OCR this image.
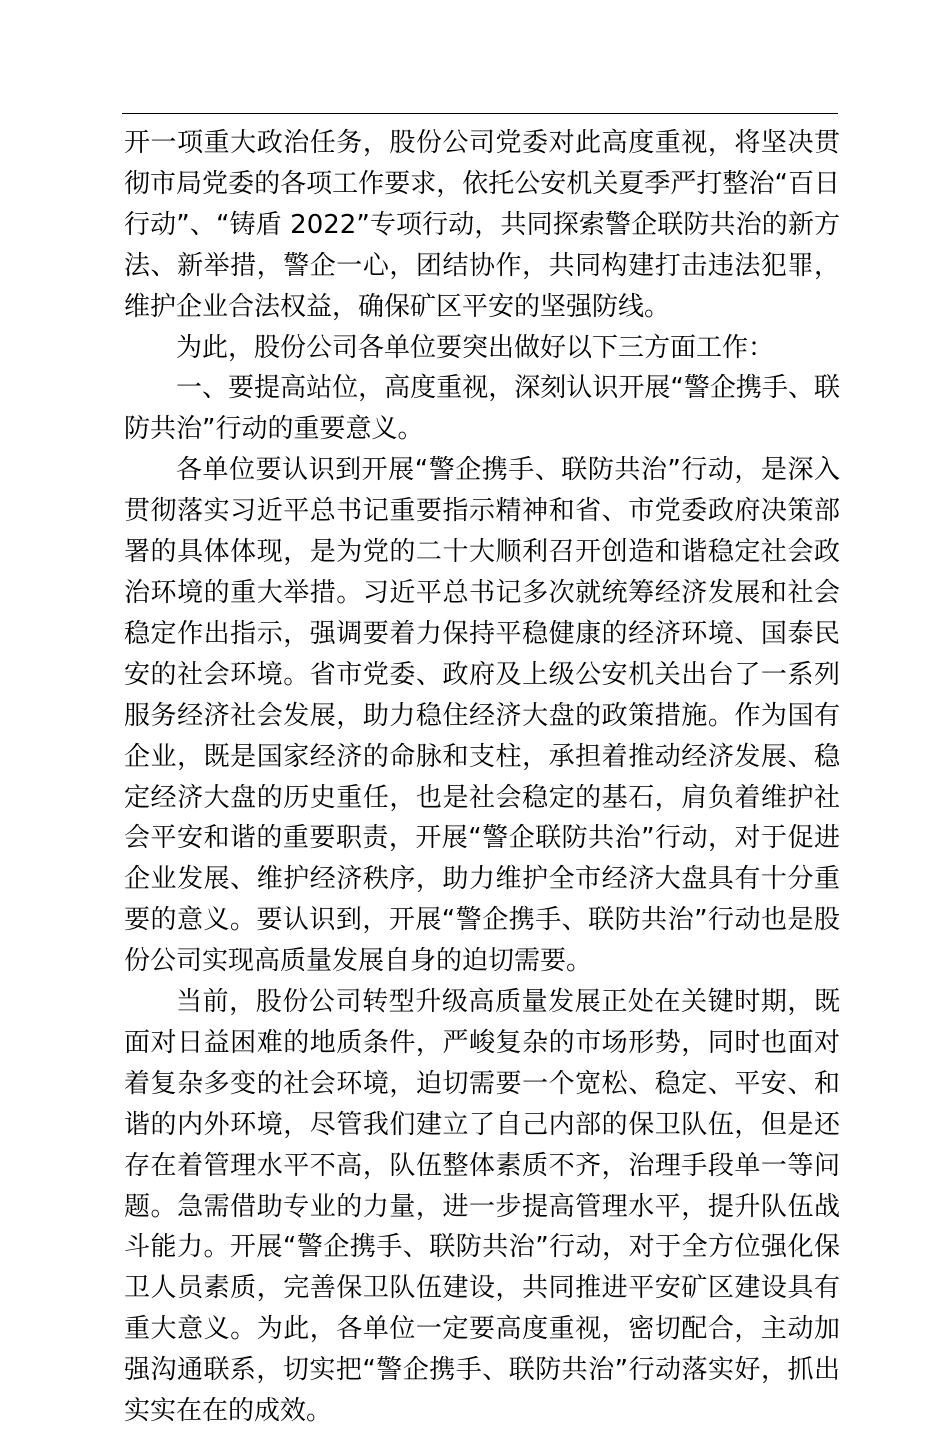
开一项重大政治任务，股份公司党委对此高度重视，将坚决贯彻市局党委的各项工作要求，依托公安机关夏季严打整治“百日行动”、“铸盾 2022”专项行动，共同探索警企联防共治的新方法、新举措，警企一心，团结协作，共同构建打击违法犯罪，维护企业合法权益，确保矿区平安的坚强防线。

为此，股份公司各单位要突出做好以下三方面工作：

一、要提高站位，高度重视，深刻认识开展“警企携手、联防共治”行动的重要意义。

各单位要认识到开展“警企携手、联防共治”行动，是深入贯彻落实习近平总书记重要指示精神和省、市党委政府决策部署的具体体现，是为党的二十大顺利召开创造和谐稳定社会政治环境的重大举措。习近平总书记多次就统筹经济发展和社会稳定作出指示，强调要着力保持平稳健康的经济环境、国泰民安的社会环境。省市党委、政府及上级公安机关出台了一系列服务经济社会发展，助力稳住经济大盘的政策措施。作为国有企业，既是国家经济的命脉和支柱，承担着推动经济发展、稳定经济大盘的历史重任，也是社会稳定的基石，肩负着维护社会平安和谐的重要职责，开展“警企联防共治”行动，对于促进企业发展、维护经济秩序，助力维护全市经济大盘具有十分重要的意义。要认识到，开展“警企携手、联防共治”行动也是股份公司实现高质量发展自身的迫切需要。

当前，股份公司转型升级高质量发展正处在关键时期，既面对日益困难的地质条件，严峻复杂的市场形势，同时也面对着复杂多变的社会环境，迫切需要一个宽松、稳定、平安、和谐的内外环境，尽管我们建立了自己内部的保卫队伍，但是还存在着管理水平不高，队伍整体素质不齐，治理手段单一等问题。急需借助专业的力量，进一步提高管理水平，提升队伍战斗能力。开展“警企携手、联防共治”行动，对于全方位强化保卫人员素质，完善保卫队伍建设，共同推进平安矿区建设具有重大意义。为此，各单位一定要高度重视，密切配合，主动加强沟通联系，切实把“警企携手、联防共治”行动落实好，抓出实实在在的成效。
